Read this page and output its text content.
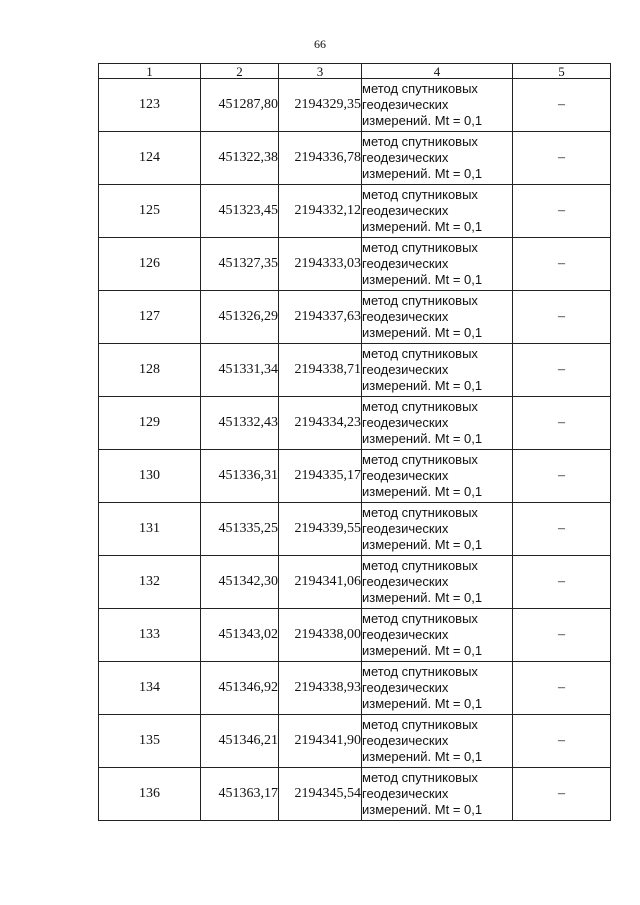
66
1	2	3	4	5
123	451287,80	2194329,35	метод спутниковых
геодезических
измерений. Mt = 0,1	–
124	451322,38	2194336,78	метод спутниковых
геодезических
измерений. Mt = 0,1	–
125	451323,45	2194332,12	метод спутниковых
геодезических
измерений. Mt = 0,1	–
126	451327,35	2194333,03	метод спутниковых
геодезических
измерений. Mt = 0,1	–
127	451326,29	2194337,63	метод спутниковых
геодезических
измерений. Mt = 0,1	–
128	451331,34	2194338,71	метод спутниковых
геодезических
измерений. Mt = 0,1	–
129	451332,43	2194334,23	метод спутниковых
геодезических
измерений. Mt = 0,1	–
130	451336,31	2194335,17	метод спутниковых
геодезических
измерений. Mt = 0,1	–
131	451335,25	2194339,55	метод спутниковых
геодезических
измерений. Mt = 0,1	–
132	451342,30	2194341,06	метод спутниковых
геодезических
измерений. Mt = 0,1	–
133	451343,02	2194338,00	метод спутниковых
геодезических
измерений. Mt = 0,1	–
134	451346,92	2194338,93	метод спутниковых
геодезических
измерений. Mt = 0,1	–
135	451346,21	2194341,90	метод спутниковых
геодезических
измерений. Mt = 0,1	–
136	451363,17	2194345,54	метод спутниковых
геодезических
измерений. Mt = 0,1	–
